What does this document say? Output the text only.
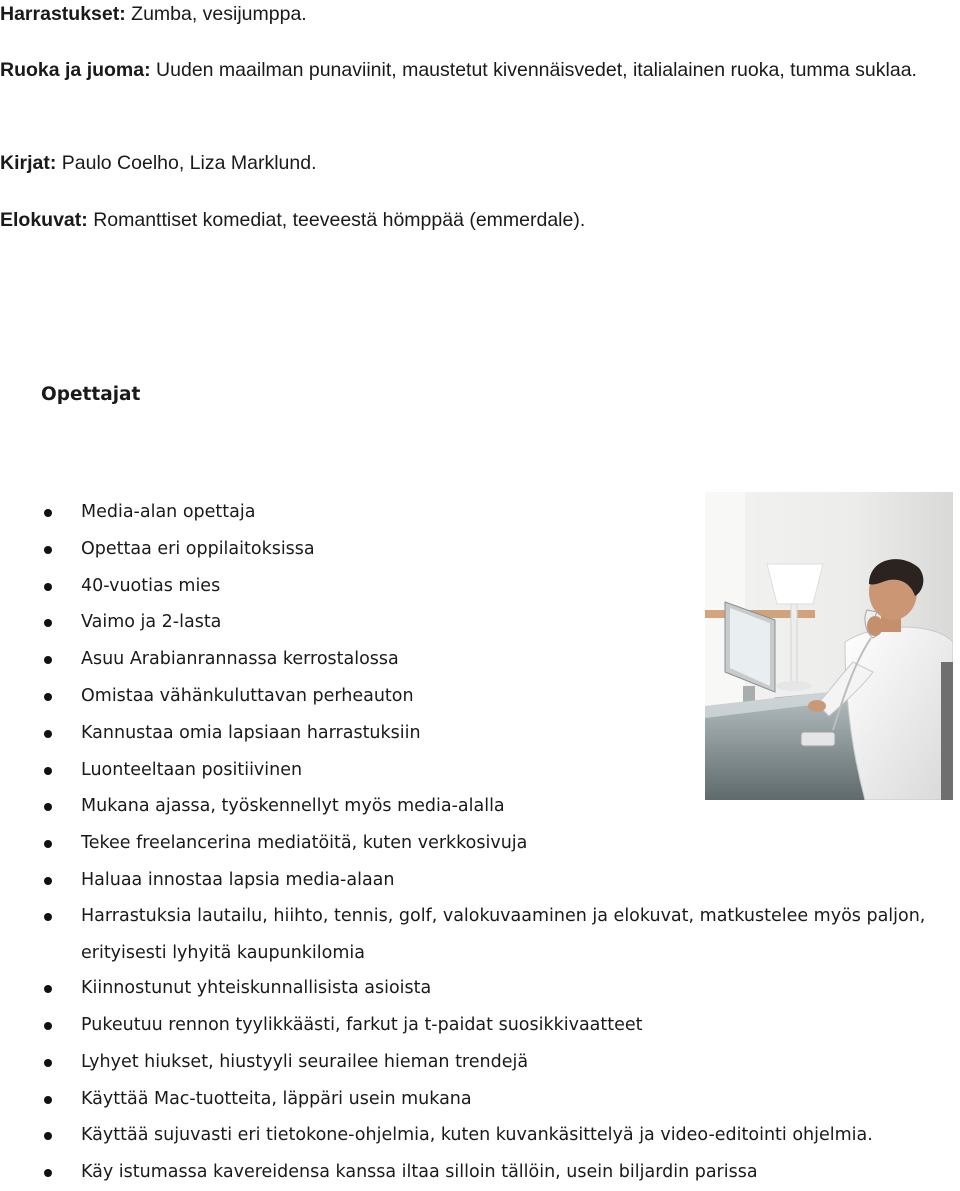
Harrastukset: Zumba, vesijumppa.
Ruoka ja juoma: Uuden maailman punaviinit, maustetut kivennäisvedet, italialainen ruoka, tumma suklaa.
Kirjat: Paulo Coelho, Liza Marklund.
Elokuvat: Romanttiset komediat, teeveestä hömppää (emmerdale).
Opettajat
Media-alan opettaja
Opettaa eri oppilaitoksissa
40-vuotias mies
Vaimo ja 2-lasta
Asuu Arabianrannassa kerrostalossa
Omistaa vähänkuluttavan perheauton
Kannustaa omia lapsiaan harrastuksiin
Luonteeltaan positiivinen
Mukana ajassa, työskennellyt myös media-alalla
Tekee freelancerina mediatöitä, kuten verkkosivuja
Haluaa innostaa lapsia media-alaan
Harrastuksia lautailu, hiihto, tennis, golf, valokuvaaminen ja elokuvat, matkustelee myös paljon, erityisesti lyhyitä kaupunkilomia
Kiinnostunut yhteiskunnallisista asioista
Pukeutuu rennon tyylikkäästi, farkut ja t-paidat suosikkivaatteet
Lyhyet hiukset, hiustyyli seurailee hieman trendejä
Käyttää Mac-tuotteita, läppäri usein mukana
Käyttää sujuvasti eri tietokone-ohjelmia, kuten kuvankäsittelyä ja video-editointi ohjelmia.
Käy istumassa kavereidensa kanssa iltaa silloin tällöin, usein biljardin parissa
